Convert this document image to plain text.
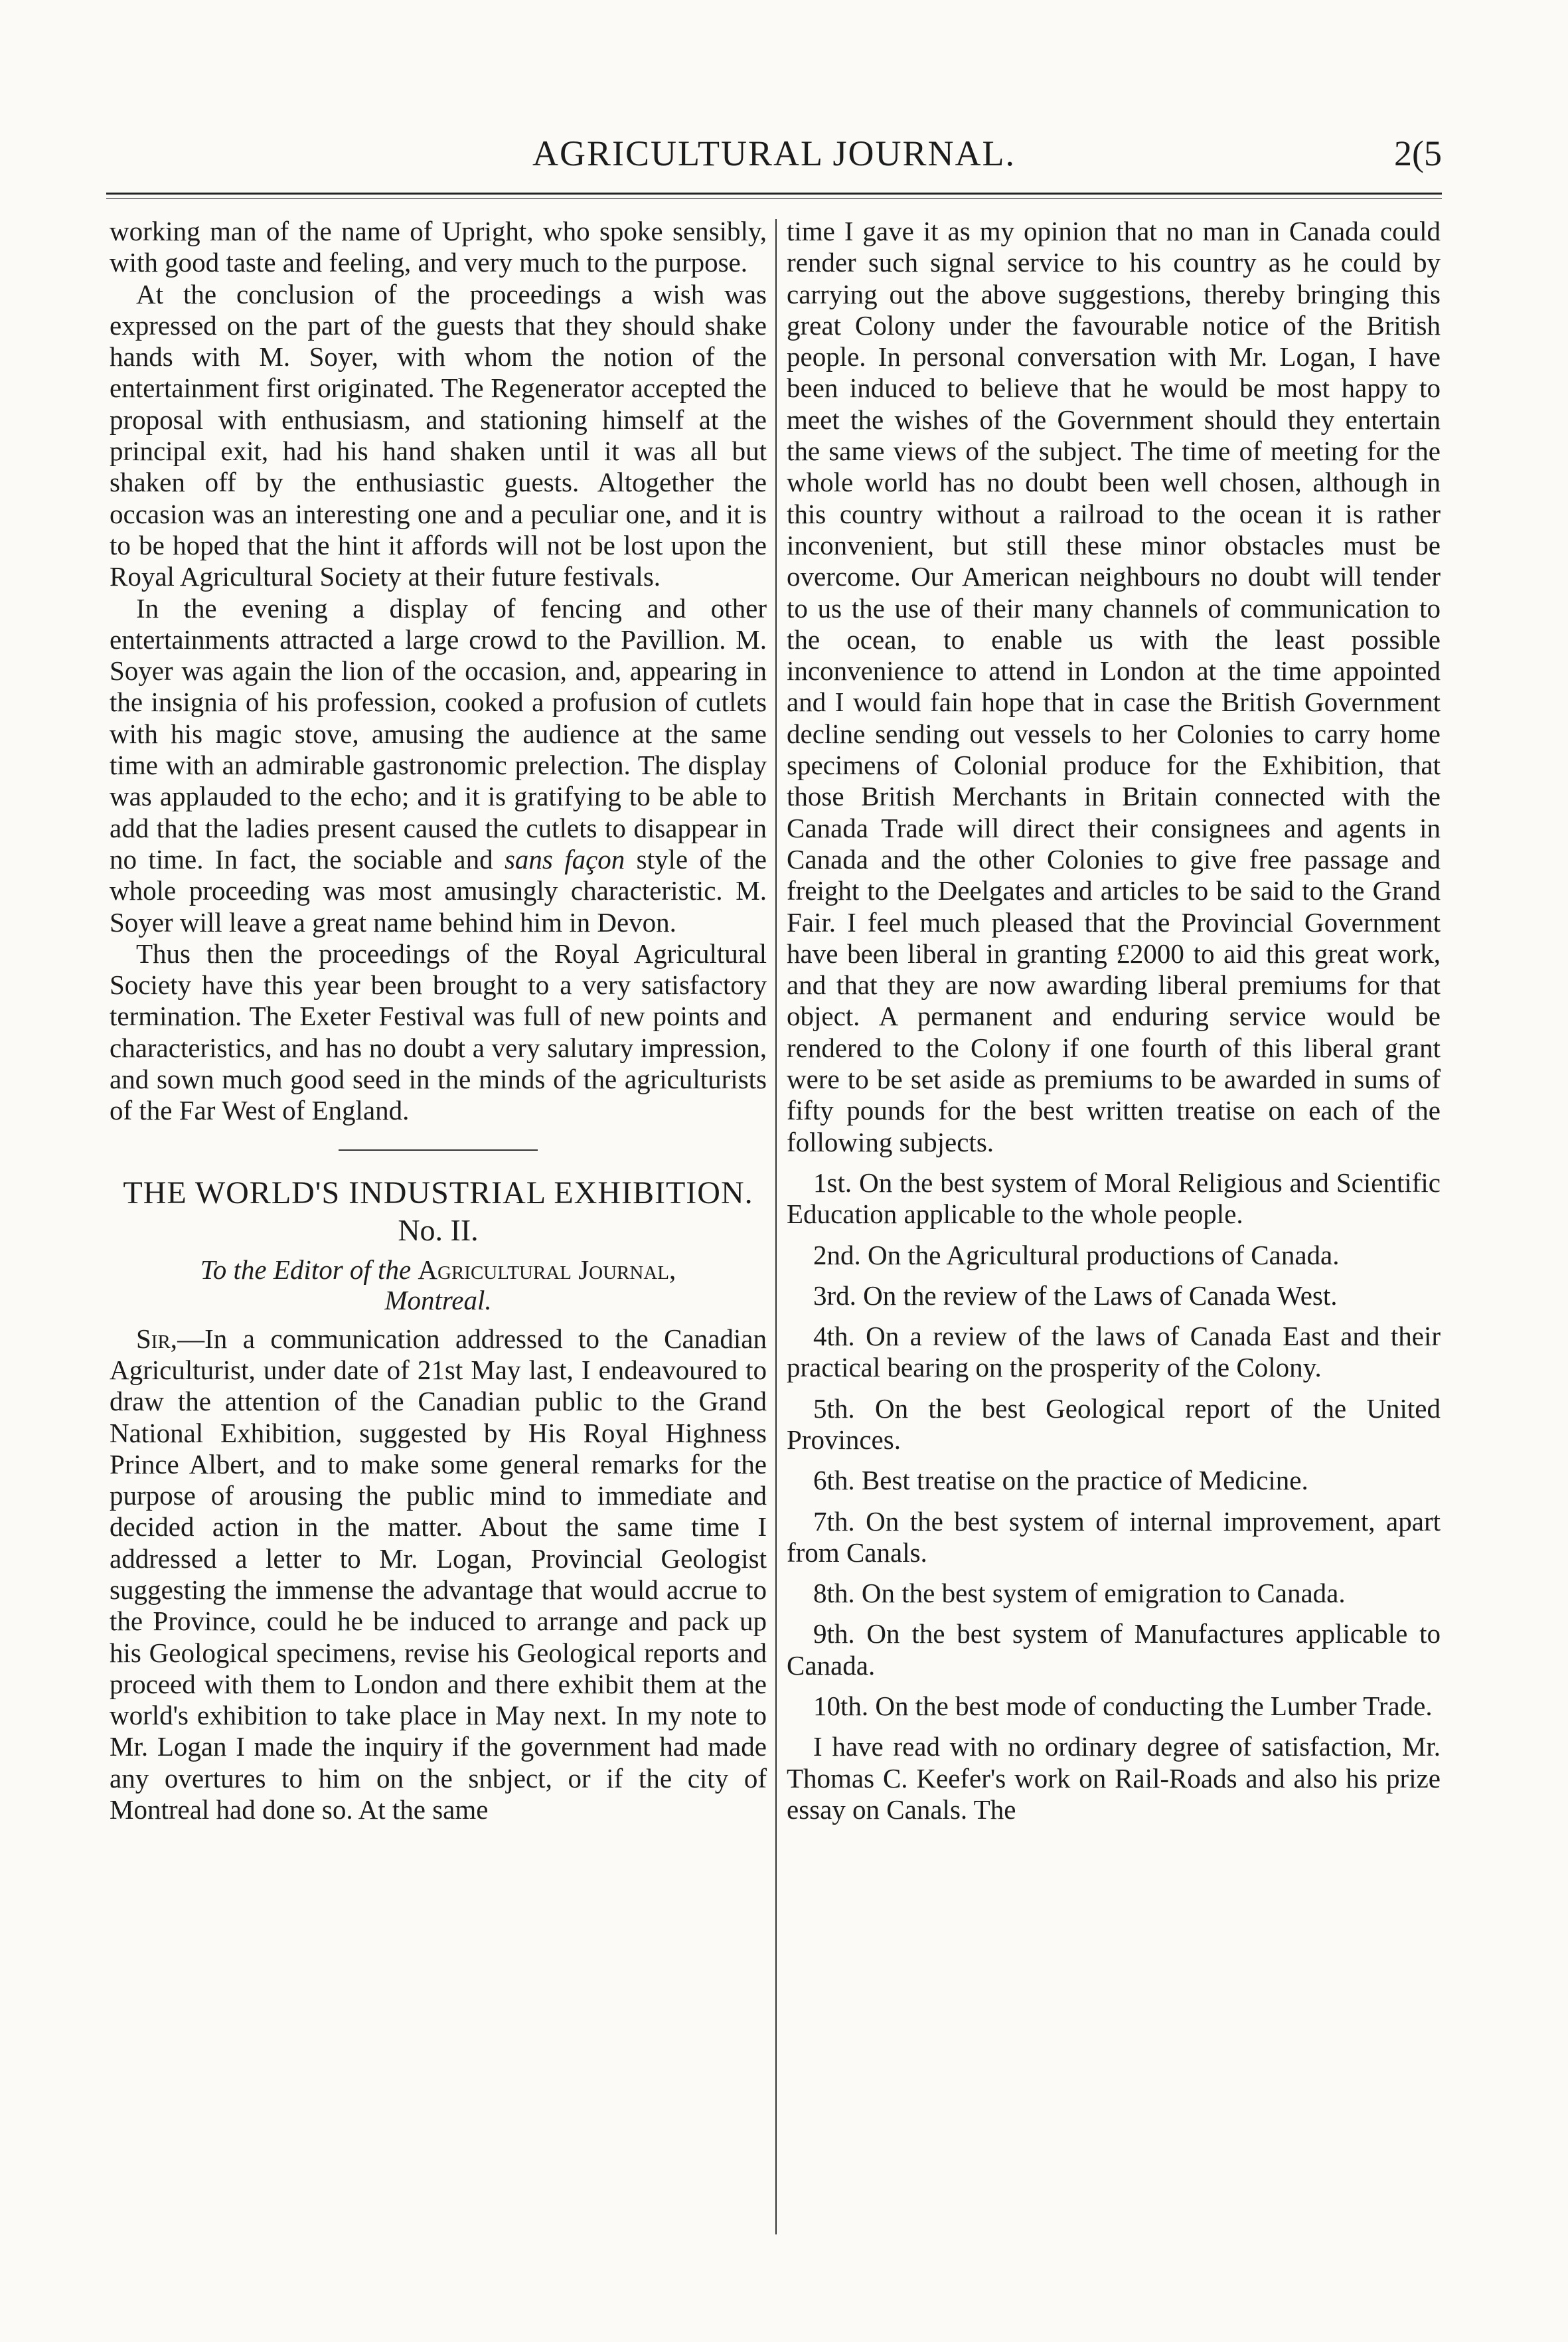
AGRICULTURAL JOURNAL.	2(5

working man of the name of Upright, who spoke sensibly, with good taste and feeling, and very much to the purpose.

At the conclusion of the proceedings a wish was expressed on the part of the guests that they should shake hands with M. Soyer, with whom the notion of the entertainment first originated. The Regenerator accepted the proposal with enthusiasm, and stationing himself at the principal exit, had his hand shaken until it was all but shaken off by the enthusiastic guests. Altogether the occasion was an interesting one and a peculiar one, and it is to be hoped that the hint it affords will not be lost upon the Royal Agricultural Society at their future festivals.

In the evening a display of fencing and other entertainments attracted a large crowd to the Pavillion. M. Soyer was again the lion of the occasion, and, appearing in the insignia of his profession, cooked a profusion of cutlets with his magic stove, amusing the audience at the same time with an admirable gastronomic prelection. The display was applauded to the echo; and it is gratifying to be able to add that the ladies present caused the cutlets to disappear in no time. In fact, the sociable and sans façon style of the whole proceeding was most amusingly characteristic. M. Soyer will leave a great name behind him in Devon.

Thus then the proceedings of the Royal Agricultural Society have this year been brought to a very satisfactory termination. The Exeter Festival was full of new points and characteristics, and has no doubt a very salutary impression, and sown much good seed in the minds of the agriculturists of the Far West of England.

THE WORLD'S INDUSTRIAL EXHIBITION.

No. II.

To the Editor of the Agricultural Journal,
Montreal.

Sir,—In a communication addressed to the Canadian Agriculturist, under date of 21st May last, I endeavoured to draw the attention of the Canadian public to the Grand National Exhibition, suggested by His Royal Highness Prince Albert, and to make some general remarks for the purpose of arousing the public mind to immediate and decided action in the matter. About the same time I addressed a letter to Mr. Logan, Provincial Geologist suggesting the immense the advantage that would accrue to the Province, could he be induced to arrange and pack up his Geological specimens, revise his Geological reports and proceed with them to London and there exhibit them at the world's exhibition to take place in May next. In my note to Mr. Logan I made the inquiry if the government had made any overtures to him on the snbject, or if the city of Montreal had done so. At the same

time I gave it as my opinion that no man in Canada could render such signal service to his country as he could by carrying out the above suggestions, thereby bringing this great Colony under the favourable notice of the British people. In personal conversation with Mr. Logan, I have been induced to believe that he would be most happy to meet the wishes of the Government should they entertain the same views of the subject. The time of meeting for the whole world has no doubt been well chosen, although in this country without a railroad to the ocean it is rather inconvenient, but still these minor obstacles must be overcome. Our American neighbours no doubt will tender to us the use of their many channels of communication to the ocean, to enable us with the least possible inconvenience to attend in London at the time appointed and I would fain hope that in case the British Government decline sending out vessels to her Colonies to carry home specimens of Colonial produce for the Exhibition, that those British Merchants in Britain connected with the Canada Trade will direct their consignees and agents in Canada and the other Colonies to give free passage and freight to the Deelgates and articles to be said to the Grand Fair. I feel much pleased that the Provincial Government have been liberal in granting £2000 to aid this great work, and that they are now awarding liberal premiums for that object. A permanent and enduring service would be rendered to the Colony if one fourth of this liberal grant were to be set aside as premiums to be awarded in sums of fifty pounds for the best written treatise on each of the following subjects.

1st. On the best system of Moral Religious and Scientific Education applicable to the whole people.

2nd. On the Agricultural productions of Canada.

3rd. On the review of the Laws of Canada West.

4th. On a review of the laws of Canada East and their practical bearing on the prosperity of the Colony.

5th. On the best Geological report of the United Provinces.

6th. Best treatise on the practice of Medicine.

7th. On the best system of internal improvement, apart from Canals.

8th. On the best system of emigration to Canada.

9th. On the best system of Manufactures applicable to Canada.

10th. On the best mode of conducting the Lumber Trade.

I have read with no ordinary degree of satisfaction, Mr. Thomas C. Keefer's work on Rail-Roads and also his prize essay on Canals. The
